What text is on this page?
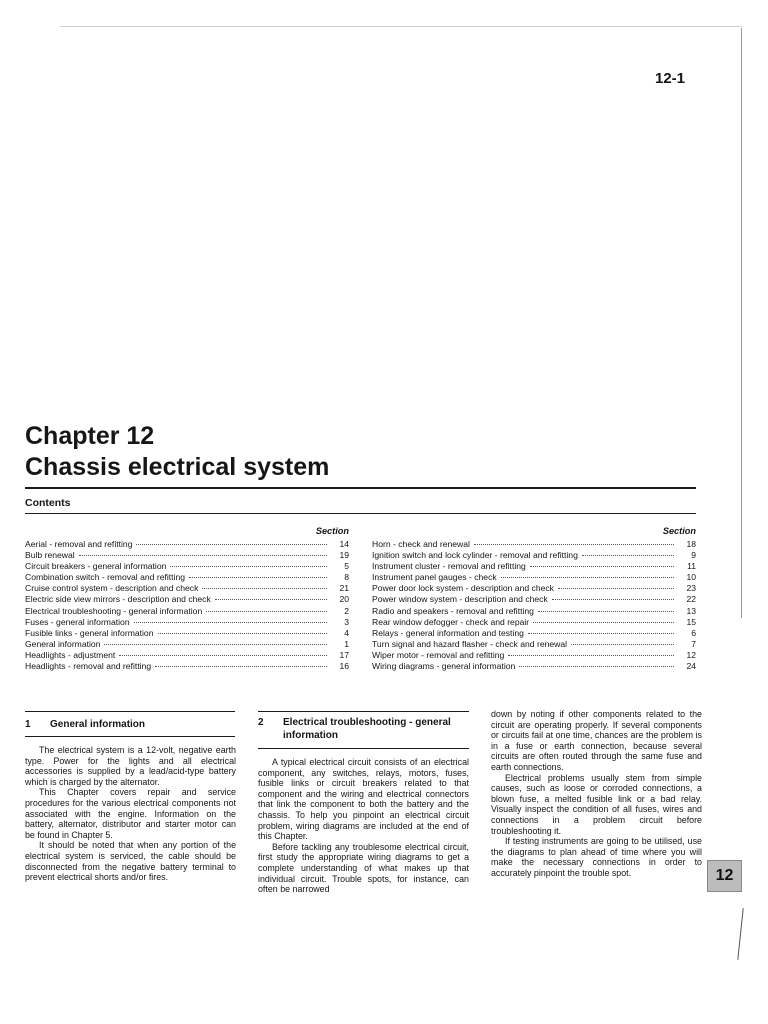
12-1
Chapter 12
Chassis electrical system
Contents
Section
Aerial - removal and refitting	14
Bulb renewal	19
Circuit breakers - general information	5
Combination switch - removal and refitting	8
Cruise control system - description and check	21
Electric side view mirrors - description and check	20
Electrical troubleshooting - general information	2
Fuses - general information	3
Fusible links - general information	4
General information	1
Headlights - adjustment	17
Headlights - removal and refitting	16
Section
Horn - check and renewal	18
Ignition switch and lock cylinder - removal and refitting	9
Instrument cluster - removal and refitting	11
Instrument panel gauges - check	10
Power door lock system - description and check	23
Power window system - description and check	22
Radio and speakers - removal and refitting	13
Rear window defogger - check and repair	15
Relays - general information and testing	6
Turn signal and hazard flasher - check and renewal	7
Wiper motor - removal and refitting	12
Wiring diagrams - general information	24
1 General information

The electrical system is a 12-volt, negative earth type. Power for the lights and all electrical accessories is supplied by a lead/acid-type battery which is charged by the alternator.

This Chapter covers repair and service procedures for the various electrical components not associated with the engine. Information on the battery, alternator, distributor and starter motor can be found in Chapter 5.

It should be noted that when any portion of the electrical system is serviced, the cable should be disconnected from the negative battery terminal to prevent electrical shorts and/or fires.

2 Electrical troubleshooting - general information

A typical electrical circuit consists of an electrical component, any switches, relays, motors, fuses, fusible links or circuit breakers related to that component and the wiring and electrical connectors that link the component to both the battery and the chassis. To help you pinpoint an electrical circuit problem, wiring diagrams are included at the end of this Chapter.

Before tackling any troublesome electrical circuit, first study the appropriate wiring diagrams to get a complete understanding of what makes up that individual circuit. Trouble spots, for instance, can often be narrowed

down by noting if other components related to the circuit are operating properly. If several components or circuits fail at one time, chances are the problem is in a fuse or earth connection, because several circuits are often routed through the same fuse and earth connections.

Electrical problems usually stem from simple causes, such as loose or corroded connections, a blown fuse, a melted fusible link or a bad relay. Visually inspect the condition of all fuses, wires and connections in a problem circuit before troubleshooting it.

If testing instruments are going to be utilised, use the diagrams to plan ahead of time where you will make the necessary connections in order to accurately pinpoint the trouble spot.	12
